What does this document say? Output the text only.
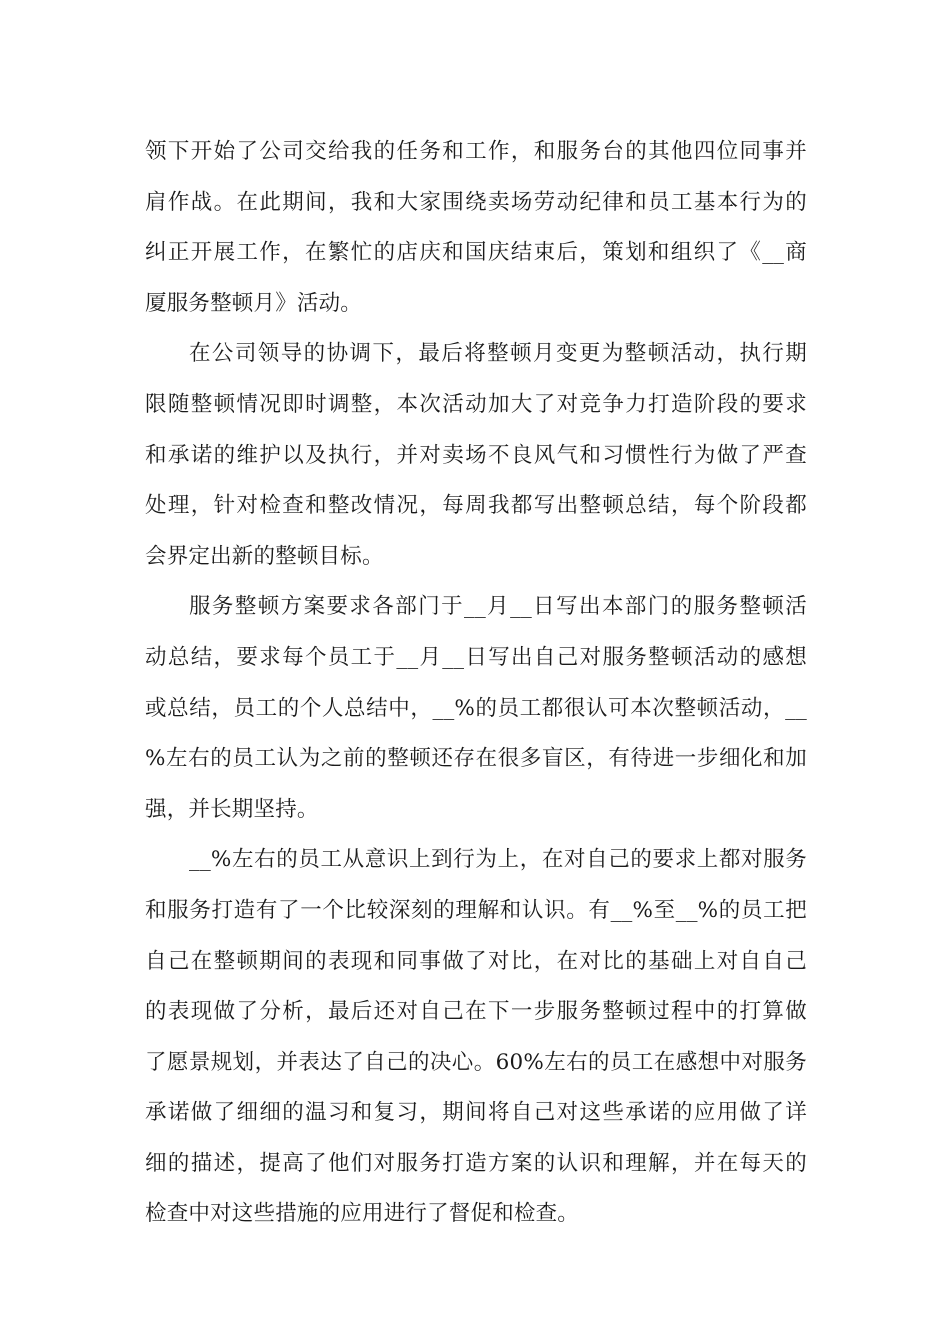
领下开始了公司交给我的任务和工作，和服务台的其他四位同事并
肩作战。在此期间，我和大家围绕卖场劳动纪律和员工基本行为的
纠正开展工作，在繁忙的店庆和国庆结束后，策划和组织了《__商
厦服务整顿月》活动。

在公司领导的协调下，最后将整顿月变更为整顿活动，执行期
限随整顿情况即时调整，本次活动加大了对竞争力打造阶段的要求
和承诺的维护以及执行，并对卖场不良风气和习惯性行为做了严查
处理，针对检查和整改情况，每周我都写出整顿总结，每个阶段都
会界定出新的整顿目标。

服务整顿方案要求各部门于__月__日写出本部门的服务整顿活
动总结，要求每个员工于__月__日写出自己对服务整顿活动的感想
或总结，员工的个人总结中，__%的员工都很认可本次整顿活动，__
%左右的员工认为之前的整顿还存在很多盲区，有待进一步细化和加
强，并长期坚持。

__%左右的员工从意识上到行为上，在对自己的要求上都对服务
和服务打造有了一个比较深刻的理解和认识。有__%至__%的员工把
自己在整顿期间的表现和同事做了对比，在对比的基础上对自自己
的表现做了分析，最后还对自己在下一步服务整顿过程中的打算做
了愿景规划，并表达了自己的决心。60%左右的员工在感想中对服务
承诺做了细细的温习和复习，期间将自己对这些承诺的应用做了详
细的描述，提高了他们对服务打造方案的认识和理解，并在每天的
检查中对这些措施的应用进行了督促和检查。
